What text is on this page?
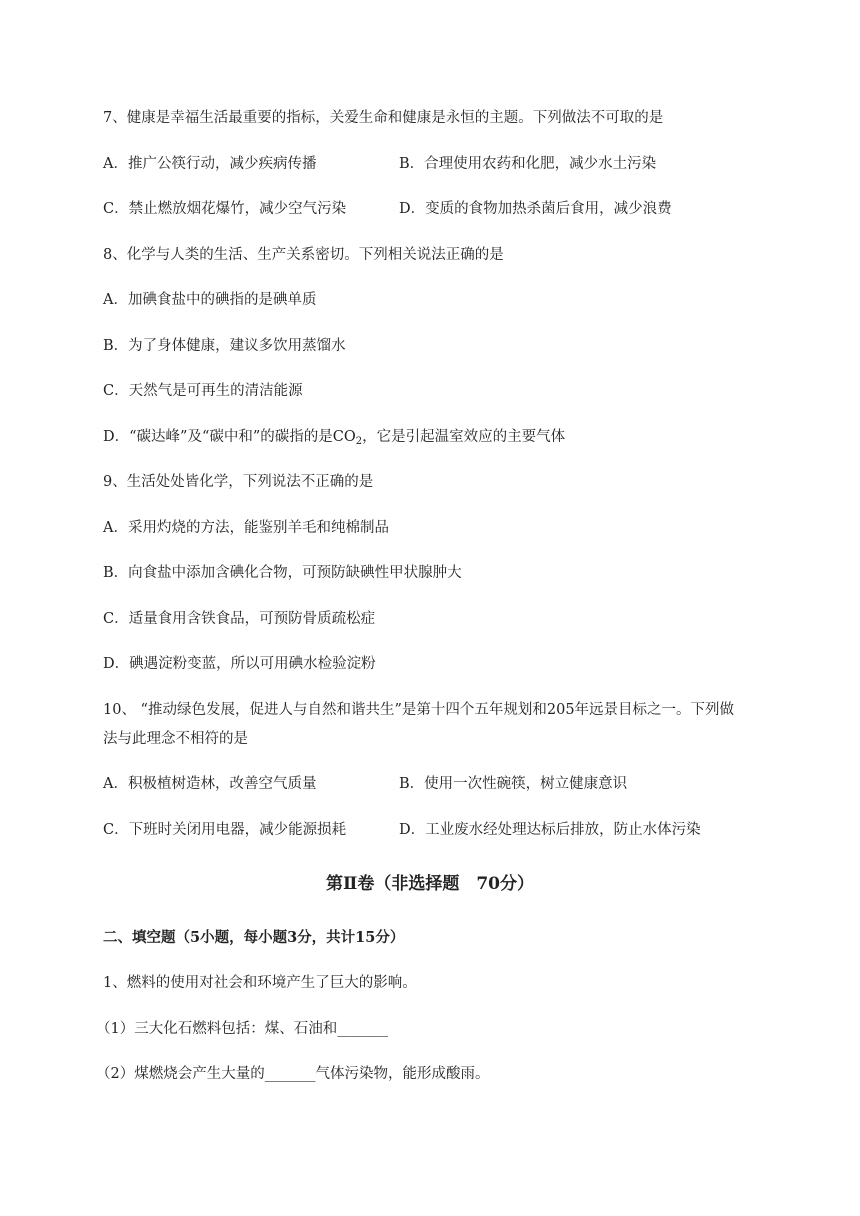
7、健康是幸福生活最重要的指标，关爱生命和健康是永恒的主题。下列做法不可取的是
A．推广公筷行动，减少疾病传播	B．合理使用农药和化肥，减少水土污染
C．禁止燃放烟花爆竹，减少空气污染	D．变质的食物加热杀菌后食用，减少浪费
8、化学与人类的生活、生产关系密切。下列相关说法正确的是
A．加碘食盐中的碘指的是碘单质
B．为了身体健康，建议多饮用蒸馏水
C．天然气是可再生的清洁能源
D．“碳达峰”及“碳中和”的碳指的是$CO_2$，它是引起温室效应的主要气体
9、生活处处皆化学，下列说法不正确的是
A．采用灼烧的方法，能鉴别羊毛和纯棉制品
B．向食盐中添加含碘化合物，可预防缺碘性甲状腺肿大
C．适量食用含铁食品，可预防骨质疏松症
D．碘遇淀粉变蓝，所以可用碘水检验淀粉
10、 “推动绿色发展，促进人与自然和谐共生”是第十四个五年规划和205年远景目标之一。下列做
法与此理念不相符的是
A．积极植树造林，改善空气质量	B．使用一次性碗筷，树立健康意识
C．下班时关闭用电器，减少能源损耗	D．工业废水经处理达标后排放，防止水体污染
第Ⅱ卷（非选择题　70分）
二、填空题（5小题，每小题3分，共计15分）
1、燃料的使用对社会和环境产生了巨大的影响。
（1）三大化石燃料包括：煤、石油和_______
（2）煤燃烧会产生大量的_______气体污染物，能形成酸雨。
